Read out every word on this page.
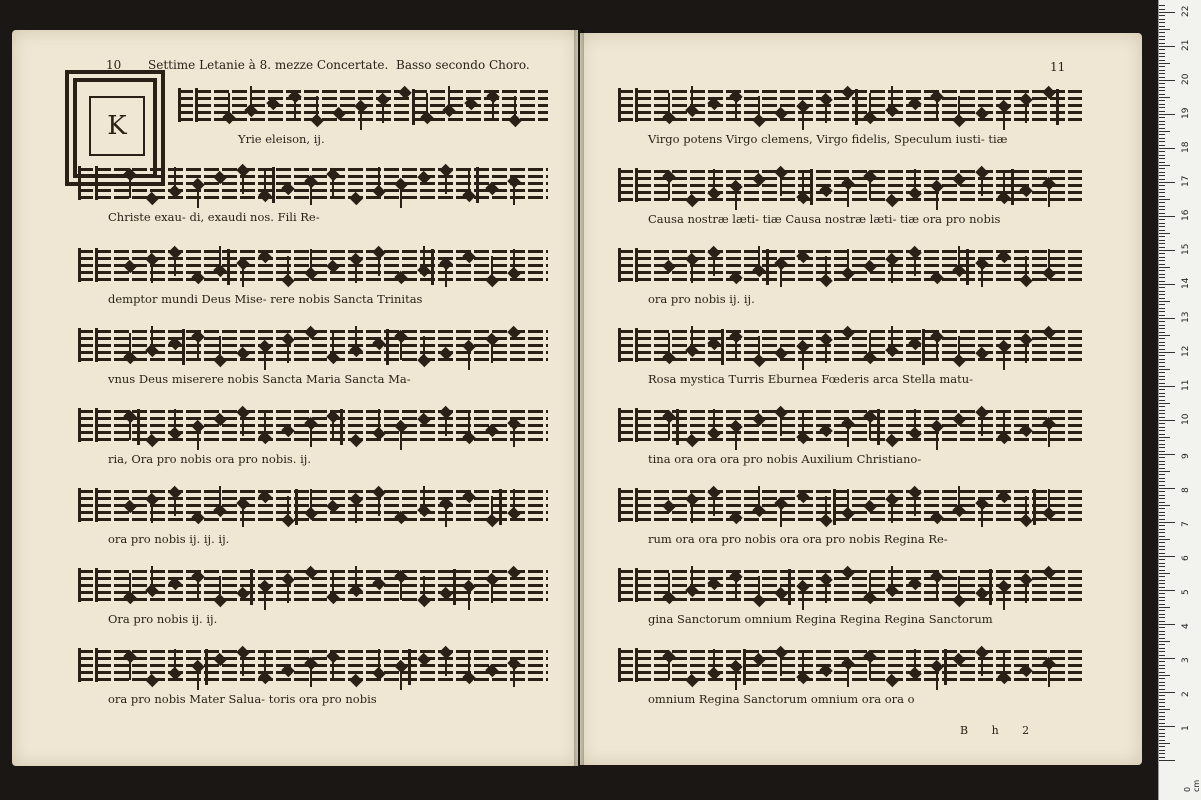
10 Settime Letanie à 8. mezze Concertate. Basso secondo Choro.
K
11
Yrie eleison, ij.
Christe exau- di, exaudi nos. Fili Re-
demptor mundi Deus Mise- rere nobis Sancta Trinitas
vnus Deus miserere nobis Sancta Maria Sancta Ma-
ria, Ora pro nobis ora pro nobis. ij.
ora pro nobis ij. ij. ij.
Ora pro nobis ij. ij.
ora pro nobis Mater Salua- toris ora pro nobis
Virgo potens Virgo clemens, Virgo fidelis, Speculum iusti- tiæ
Causa nostræ læti- tiæ Causa nostræ læti- tiæ ora pro nobis
ora pro nobis ij. ij.
Rosa mystica Turris Eburnea Fœderis arca Stella matu-
tina ora ora ora pro nobis Auxilium Christiano-
rum ora ora pro nobis ora ora pro nobis Regina Re-
gina Sanctorum omnium Regina Regina Regina Sanctorum
omnium Regina Sanctorum omnium ora ora o
B h 2
0 cm
1
2
3
4
5
6
7
8
9
10
11
12
13
14
15
16
17
18
19
20
21
22
